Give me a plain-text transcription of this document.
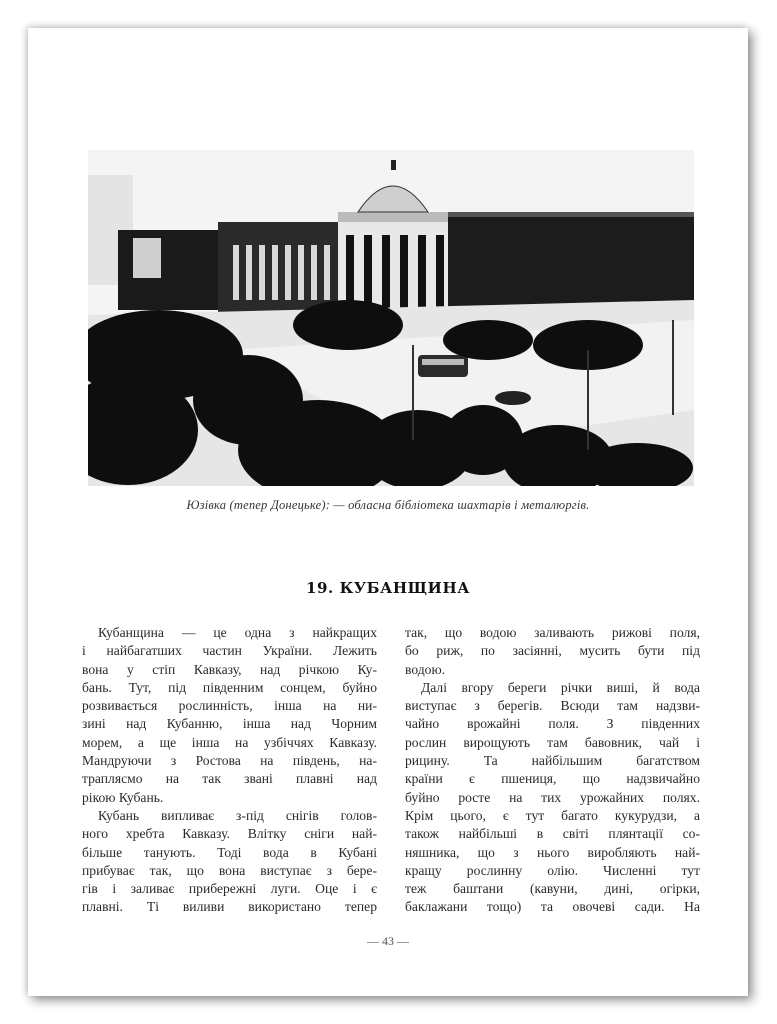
Юзівка (тепер Донецьке): — обласна бібліотека шахтарів і металюргів.
19. КУБАНЩИНА
Кубанщина — це одна з найкращих
і найбагатших частин України. Лежить
вона у стіп Кавказу, над річкою Ку-
бань. Тут, під південним сонцем, буйно
розвивається рослинність, інша на ни-
зині над Кубанню, інша над Чорним
морем, а ще інша на узбіччях Кавказу.
Мандруючи з Ростова на південь, на-
траплясмо на так звані плавні над
рікою Кубань.
Кубань випливає з-під снігів голов-
ного хребта Кавказу. Влітку сніги най-
більше танують. Тоді вода в Кубані
прибуває так, що вона виступає з бере-
гів і заливає прибережні луги. Оце і є
плавні. Ті виливи використано тепер
так, що водою заливають рижові поля,
бо риж, по засіянні, мусить бути під
водою.
Далі вгору береги річки виші, й вода
виступає з берегів. Всюди там надзви-
чайно врожайні поля. З південних
рослин вирощують там бавовник, чай і
рицину. Та найбільшим багатством
країни є пшениця, що надзвичайно
буйно росте на тих урожайних полях.
Крім цього, є тут багато кукурудзи, а
також найбільші в світі плянтації со-
няшника, що з нього виробляють най-
кращу рослинну олію. Численні тут
теж баштани (кавуни, дині, огірки,
баклажани тощо) та овочеві сади. На
— 43 —
